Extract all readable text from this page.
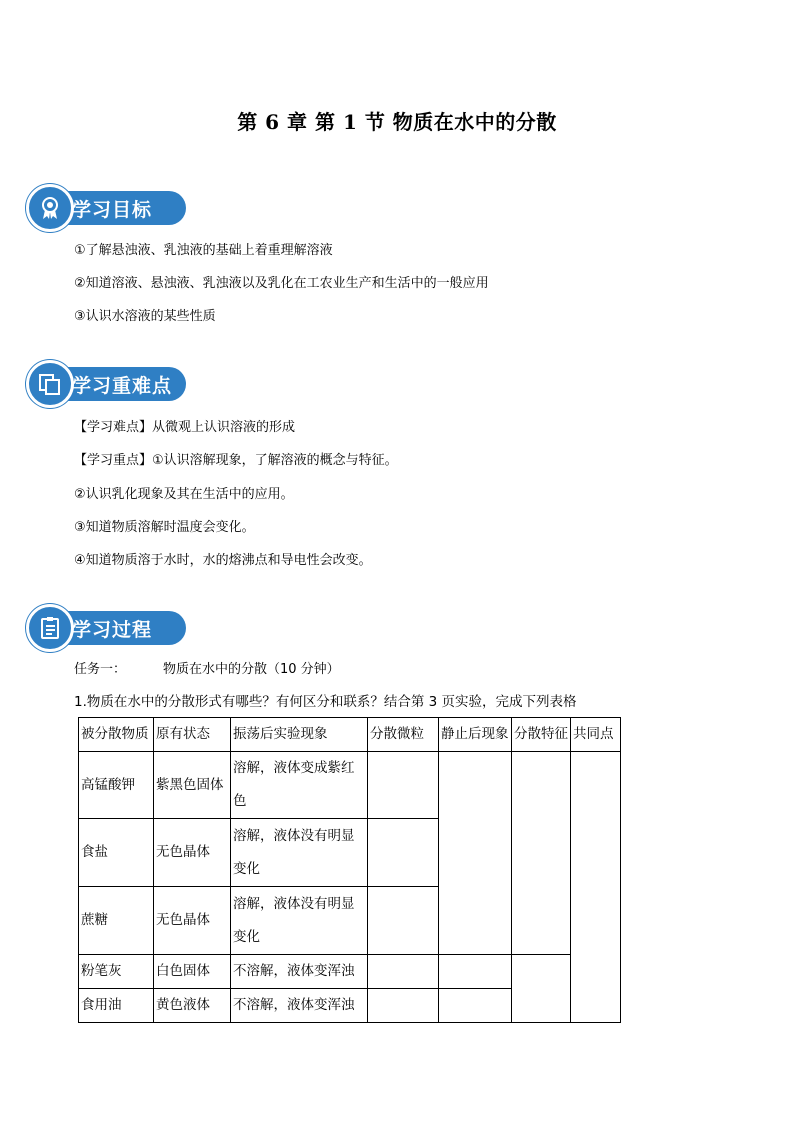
第 6 章 第 1 节 物质在水中的分散
学习目标
①了解悬浊液、乳浊液的基础上着重理解溶液
②知道溶液、悬浊液、乳浊液以及乳化在工农业生产和生活中的一般应用
③认识水溶液的某些性质
学习重难点
【学习难点】从微观上认识溶液的形成
【学习重点】①认识溶解现象，了解溶液的概念与特征。
②认识乳化现象及其在生活中的应用。
③知道物质溶解时温度会变化。
④知道物质溶于水时，水的熔沸点和导电性会改变。
学习过程
任务一：	物质在水中的分散（10 分钟）
1.物质在水中的分散形式有哪些？有何区分和联系？结合第 3 页实验，完成下列表格
被分散物质	原有状态	振荡后实验现象	分散微粒	静止后现象	分散特征	共同点
高锰酸钾	紫黑色固体	溶解，液体变成紫红色				
食盐	无色晶体	溶解，液体没有明显变化				
蔗糖	无色晶体	溶解，液体没有明显变化				
粉笔灰	白色固体	不溶解，液体变浑浊				
食用油	黄色液体	不溶解，液体变浑浊				
